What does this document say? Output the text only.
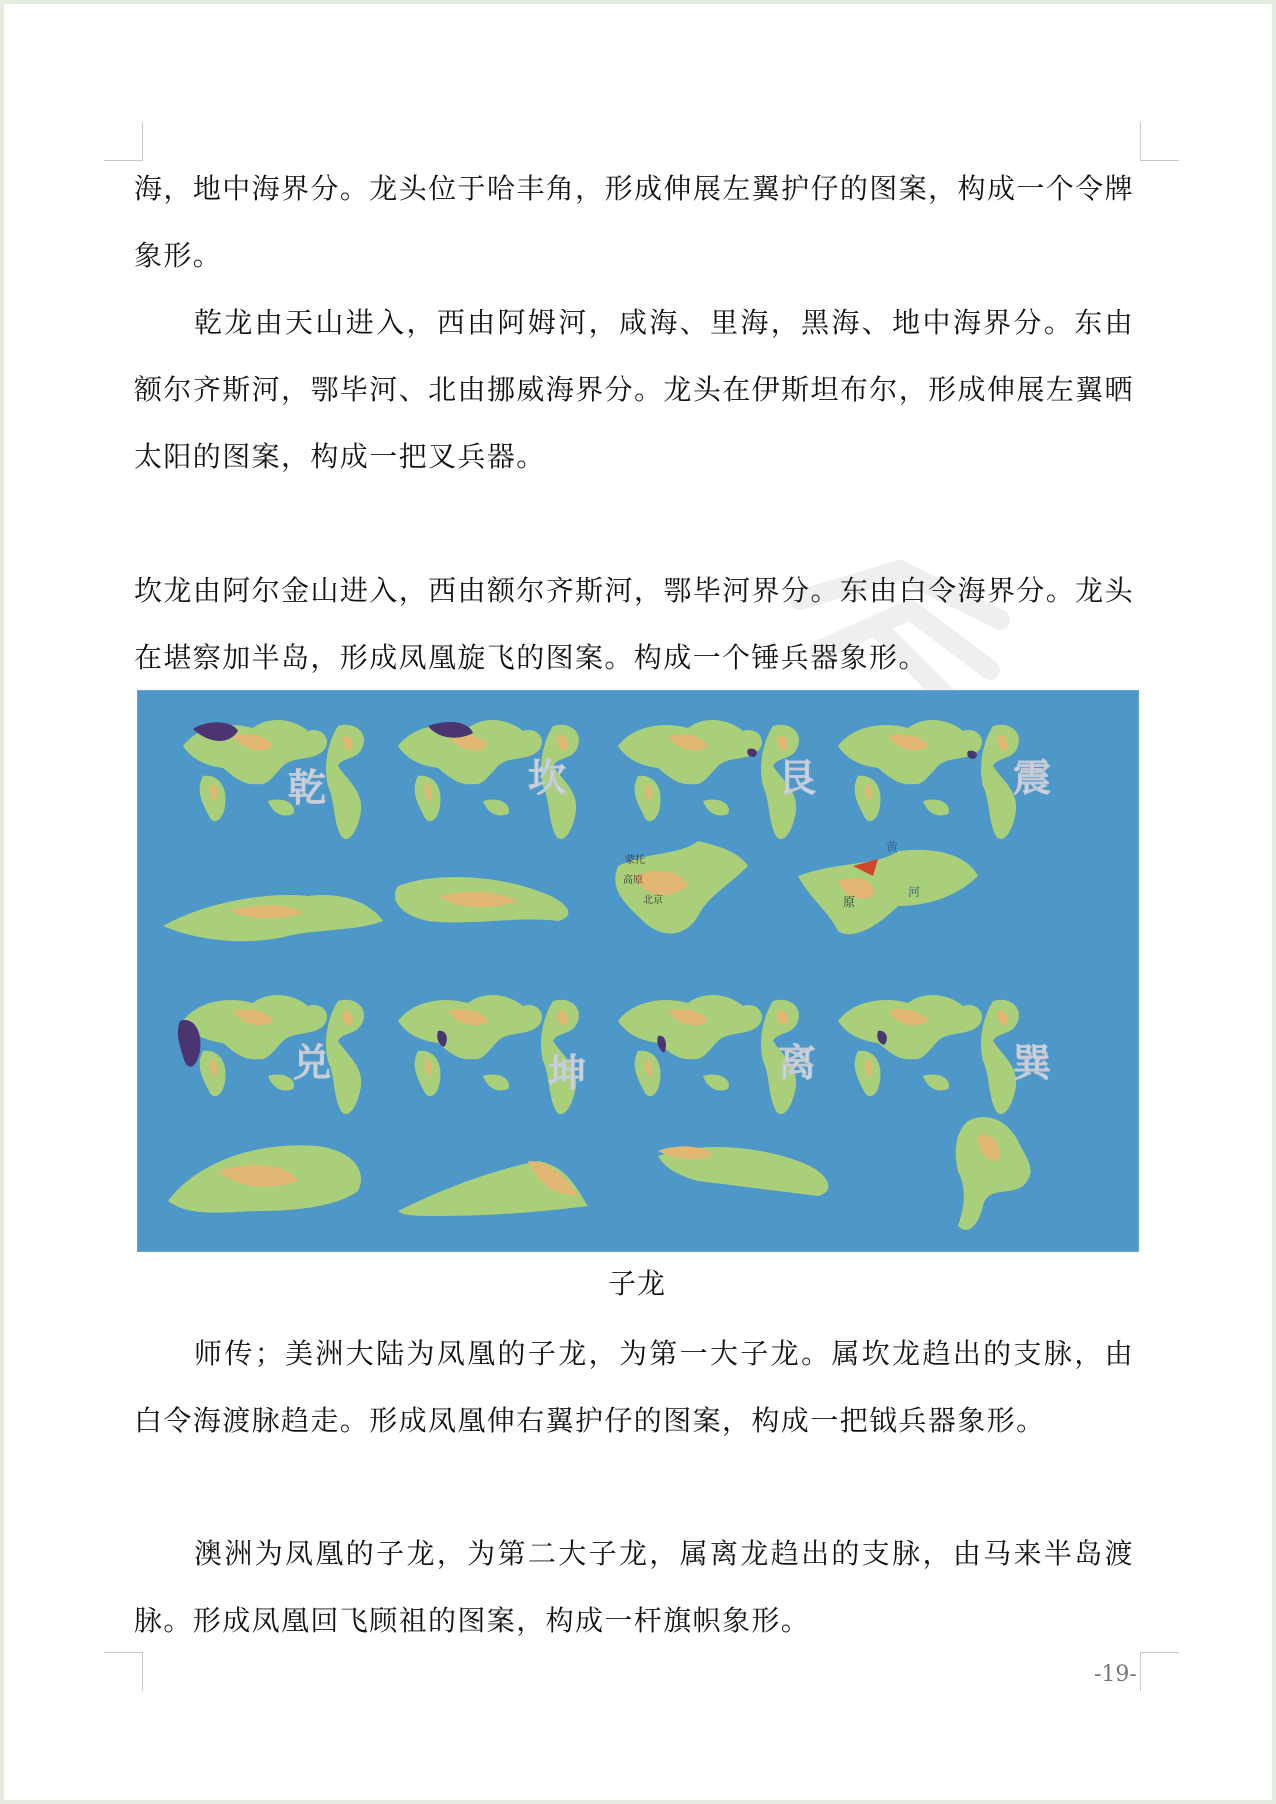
海，地中海界分。龙头位于哈丰角，形成伸展左翼护仔的图案，构成一个令牌象形。

乾龙由天山进入，西由阿姆河，咸海、里海，黑海、地中海界分。东由额尔齐斯河，鄂毕河、北由挪威海界分。龙头在伊斯坦布尔，形成伸展左翼晒太阳的图案，构成一把叉兵器。

坎龙由阿尔金山进入，西由额尔齐斯河，鄂毕河界分。东由白令海界分。龙头在堪察加半岛，形成凤凰旋飞的图案。构成一个锤兵器象形。

蒙托
高原
北京
黄
河
原
乾	坎	艮	震
兑	坤	离	巽
子龙

师传；美洲大陆为凤凰的子龙，为第一大子龙。属坎龙趋出的支脉，由白令海渡脉趋走。形成凤凰伸右翼护仔的图案，构成一把钺兵器象形。

澳洲为凤凰的子龙，为第二大子龙，属离龙趋出的支脉，由马来半岛渡脉。形成凤凰回飞顾祖的图案，构成一杆旗帜象形。

-19-
